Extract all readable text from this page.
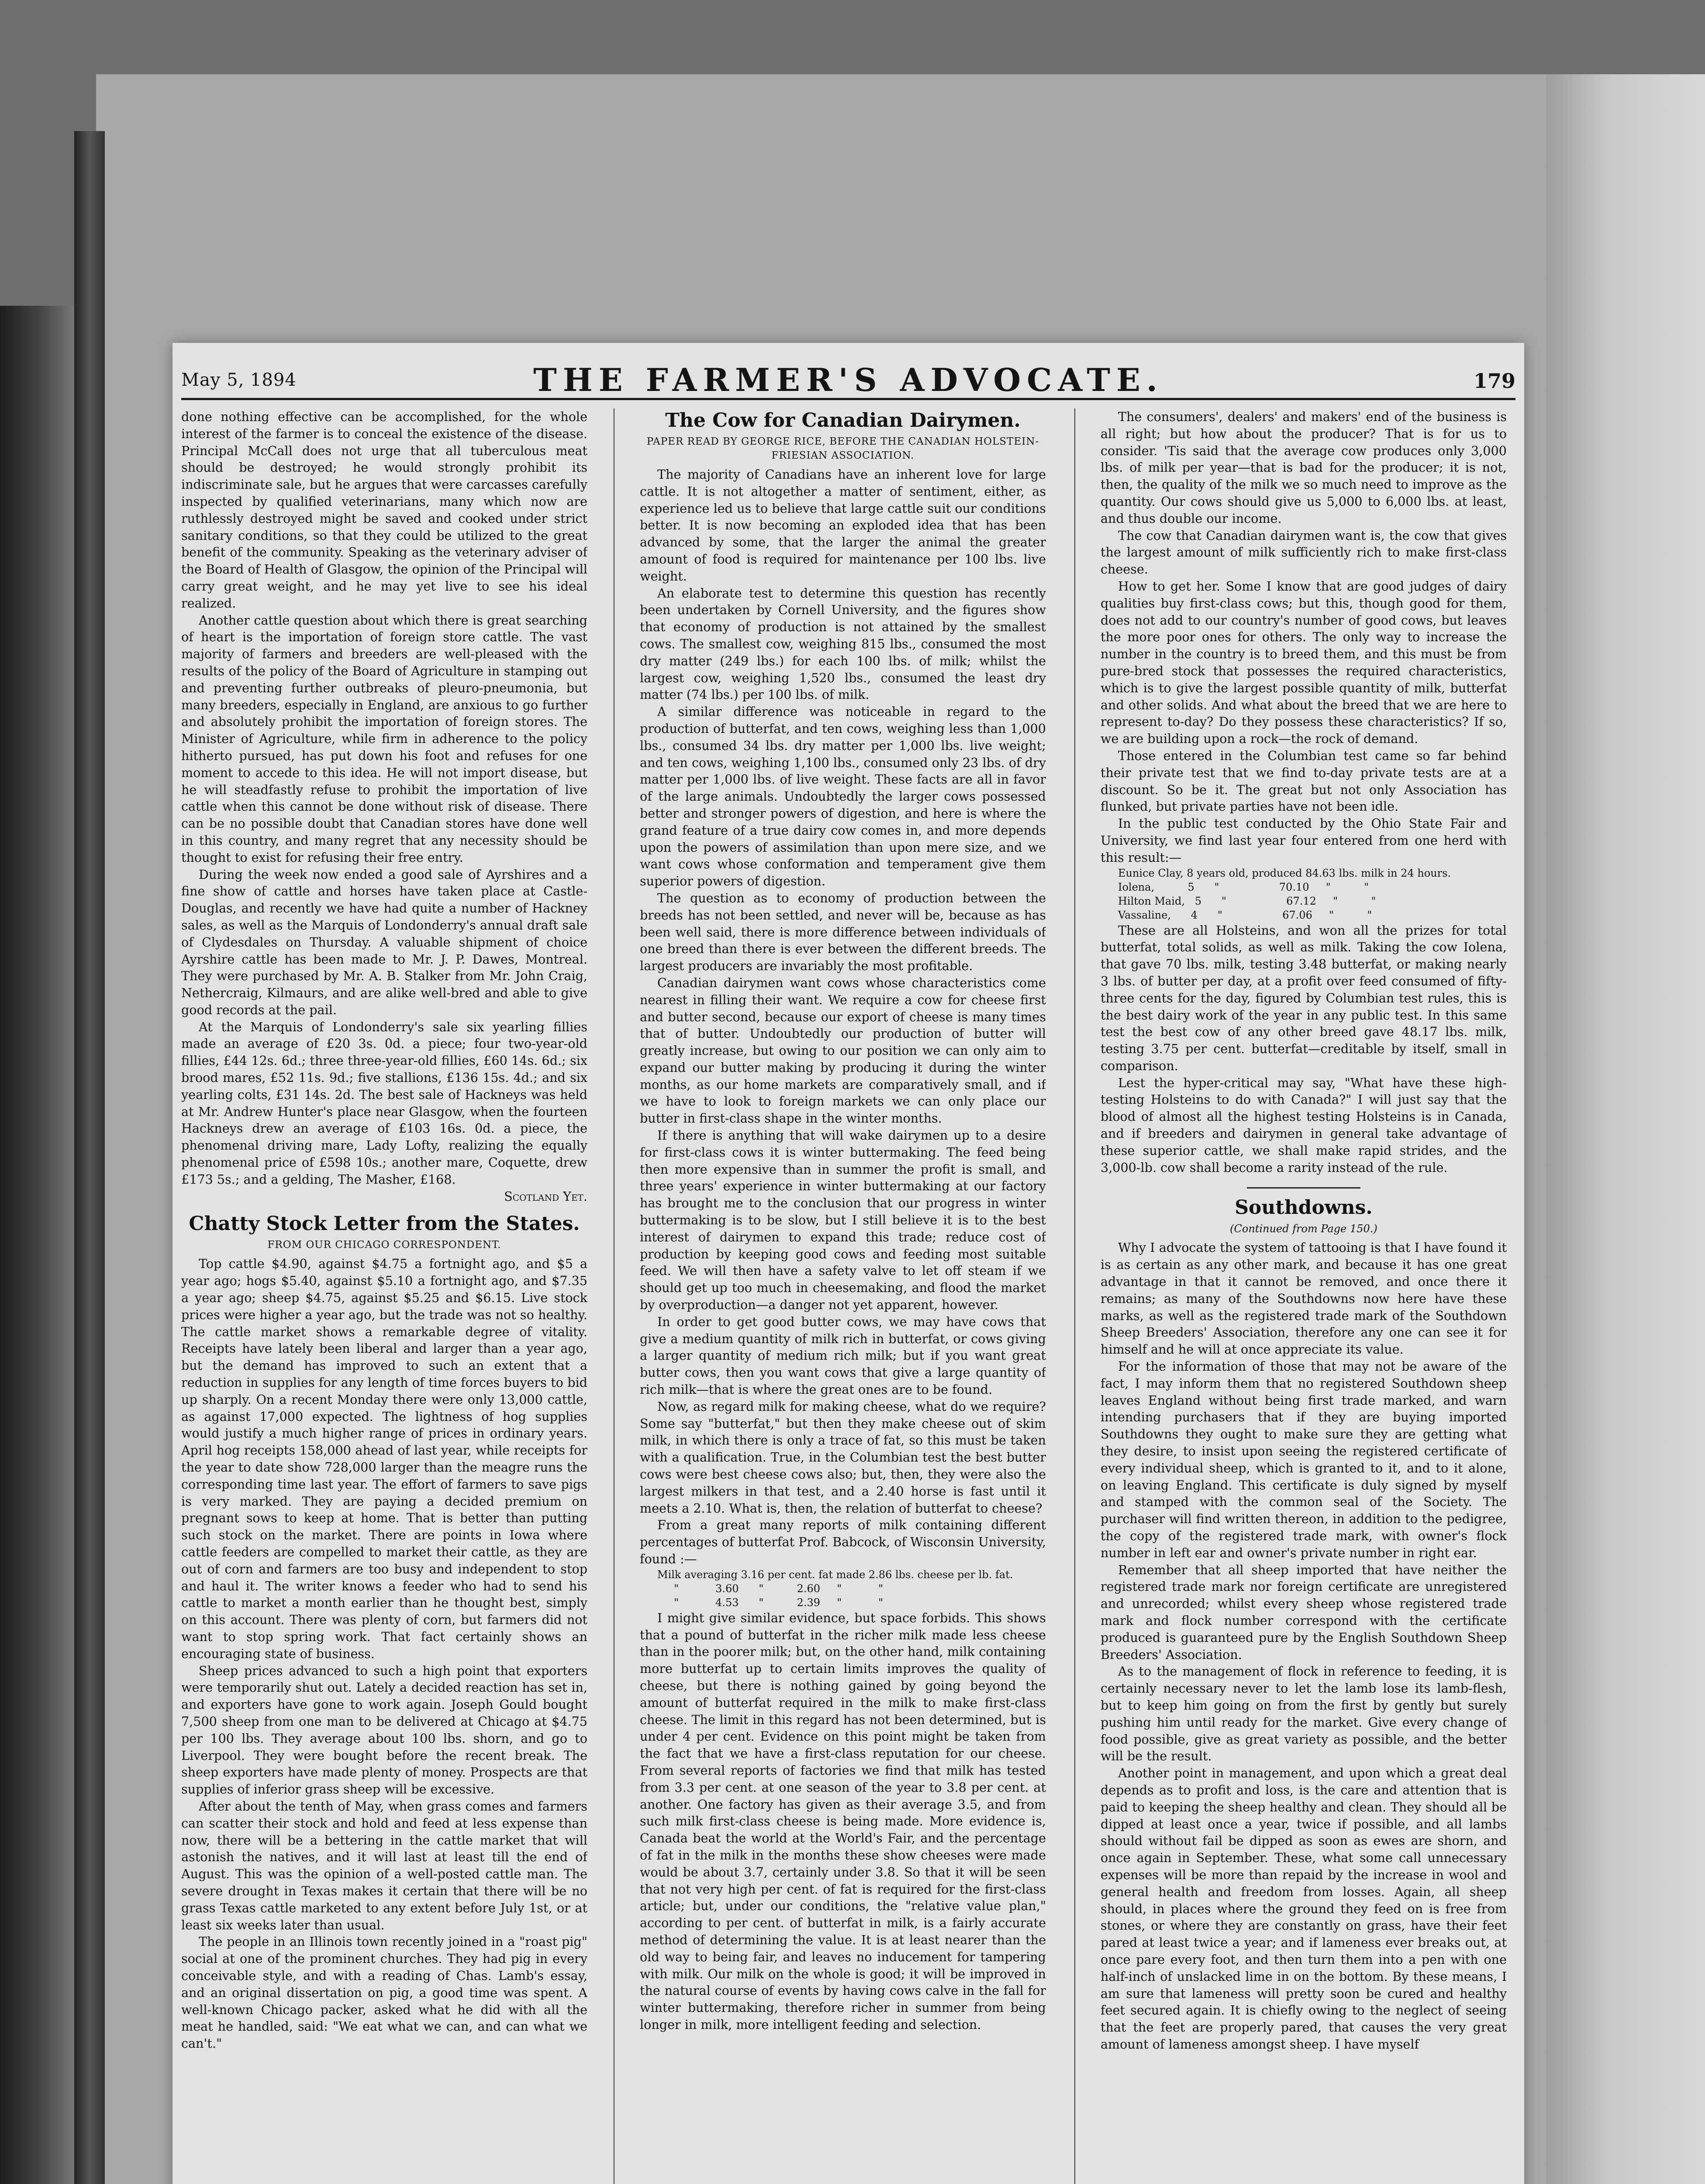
May 5, 1894	THE FARMER'S ADVOCATE.	179

done nothing effective can be accomplished, for the whole interest of the farmer is to conceal the existence of the disease. Principal McCall does not urge that all tuberculous meat should be destroyed; he would strongly prohibit its indiscriminate sale, but he argues that were carcasses carefully inspected by qualified veterinarians, many which now are ruthlessly destroyed might be saved and cooked under strict sanitary conditions, so that they could be utilized to the great benefit of the community. Speaking as the veterinary adviser of the Board of Health of Glasgow, the opinion of the Principal will carry great weight, and he may yet live to see his ideal realized.

Another cattle question about which there is great searching of heart is the importation of foreign store cattle. The vast majority of farmers and breeders are well-pleased with the results of the policy of the Board of Agriculture in stamping out and preventing further outbreaks of pleuro-pneumonia, but many breeders, especially in England, are anxious to go further and absolutely prohibit the importation of foreign stores. The Minister of Agriculture, while firm in adherence to the policy hitherto pursued, has put down his foot and refuses for one moment to accede to this idea. He will not import disease, but he will steadfastly refuse to prohibit the importation of live cattle when this cannot be done without risk of disease. There can be no possible doubt that Canadian stores have done well in this country, and many regret that any necessity should be thought to exist for refusing their free entry.

During the week now ended a good sale of Ayrshires and a fine show of cattle and horses have taken place at Castle-Douglas, and recently we have had quite a number of Hackney sales, as well as the Marquis of Londonderry's annual draft sale of Clydesdales on Thursday. A valuable shipment of choice Ayrshire cattle has been made to Mr. J. P. Dawes, Montreal. They were purchased by Mr. A. B. Stalker from Mr. John Craig, Nethercraig, Kilmaurs, and are alike well-bred and able to give good records at the pail.

At the Marquis of Londonderry's sale six yearling fillies made an average of £20 3s. 0d. a piece; four two-year-old fillies, £44 12s. 6d.; three three-year-old fillies, £60 14s. 6d.; six brood mares, £52 11s. 9d.; five stallions, £136 15s. 4d.; and six yearling colts, £31 14s. 2d. The best sale of Hackneys was held at Mr. Andrew Hunter's place near Glasgow, when the fourteen Hackneys drew an average of £103 16s. 0d. a piece, the phenomenal driving mare, Lady Lofty, realizing the equally phenomenal price of £598 10s.; another mare, Coquette, drew £173 5s.; and a gelding, The Masher, £168.

Scotland Yet.

Chatty Stock Letter from the States.
FROM OUR CHICAGO CORRESPONDENT.

Top cattle $4.90, against $4.75 a fortnight ago, and $5 a year ago; hogs $5.40, against $5.10 a fortnight ago, and $7.35 a year ago; sheep $4.75, against $5.25 and $6.15. Live stock prices were higher a year ago, but the trade was not so healthy. The cattle market shows a remarkable degree of vitality. Receipts have lately been liberal and larger than a year ago, but the demand has improved to such an extent that a reduction in supplies for any length of time forces buyers to bid up sharply. On a recent Monday there were only 13,000 cattle, as against 17,000 expected. The lightness of hog supplies would justify a much higher range of prices in ordinary years. April hog receipts 158,000 ahead of last year, while receipts for the year to date show 728,000 larger than the meagre runs the corresponding time last year. The effort of farmers to save pigs is very marked. They are paying a decided premium on pregnant sows to keep at home. That is better than putting such stock on the market. There are points in Iowa where cattle feeders are compelled to market their cattle, as they are out of corn and farmers are too busy and independent to stop and haul it. The writer knows a feeder who had to send his cattle to market a month earlier than he thought best, simply on this account. There was plenty of corn, but farmers did not want to stop spring work. That fact certainly shows an encouraging state of business.

Sheep prices advanced to such a high point that exporters were temporarily shut out. Lately a decided reaction has set in, and exporters have gone to work again. Joseph Gould bought 7,500 sheep from one man to be delivered at Chicago at $4.75 per 100 lbs. They average about 100 lbs. shorn, and go to Liverpool. They were bought before the recent break. The sheep exporters have made plenty of money. Prospects are that supplies of inferior grass sheep will be excessive.

After about the tenth of May, when grass comes and farmers can scatter their stock and hold and feed at less expense than now, there will be a bettering in the cattle market that will astonish the natives, and it will last at least till the end of August. This was the opinion of a well-posted cattle man. The severe drought in Texas makes it certain that there will be no grass Texas cattle marketed to any extent before July 1st, or at least six weeks later than usual.

The people in an Illinois town recently joined in a "roast pig" social at one of the prominent churches. They had pig in every conceivable style, and with a reading of Chas. Lamb's essay, and an original dissertation on pig, a good time was spent. A well-known Chicago packer, asked what he did with all the meat he handled, said: "We eat what we can, and can what we can't."

The Cow for Canadian Dairymen.
PAPER READ BY GEORGE RICE, BEFORE THE CANADIAN HOLSTEIN-FRIESIAN ASSOCIATION.

The majority of Canadians have an inherent love for large cattle. It is not altogether a matter of sentiment, either, as experience led us to believe that large cattle suit our conditions better. It is now becoming an exploded idea that has been advanced by some, that the larger the animal the greater amount of food is required for maintenance per 100 lbs. live weight.

An elaborate test to determine this question has recently been undertaken by Cornell University, and the figures show that economy of production is not attained by the smallest cows. The smallest cow, weighing 815 lbs., consumed the most dry matter (249 lbs.) for each 100 lbs. of milk; whilst the largest cow, weighing 1,520 lbs., consumed the least dry matter (74 lbs.) per 100 lbs. of milk.

A similar difference was noticeable in regard to the production of butterfat, and ten cows, weighing less than 1,000 lbs., consumed 34 lbs. dry matter per 1,000 lbs. live weight; and ten cows, weighing 1,100 lbs., consumed only 23 lbs. of dry matter per 1,000 lbs. of live weight. These facts are all in favor of the large animals. Undoubtedly the larger cows possessed better and stronger powers of digestion, and here is where the grand feature of a true dairy cow comes in, and more depends upon the powers of assimilation than upon mere size, and we want cows whose conformation and temperament give them superior powers of digestion.

The question as to economy of production between the breeds has not been settled, and never will be, because as has been well said, there is more difference between individuals of one breed than there is ever between the different breeds. The largest producers are invariably the most profitable.

Canadian dairymen want cows whose characteristics come nearest in filling their want. We require a cow for cheese first and butter second, because our export of cheese is many times that of butter. Undoubtedly our production of butter will greatly increase, but owing to our position we can only aim to expand our butter making by producing it during the winter months, as our home markets are comparatively small, and if we have to look to foreign markets we can only place our butter in first-class shape in the winter months.

If there is anything that will wake dairymen up to a desire for first-class cows it is winter buttermaking. The feed being then more expensive than in summer the profit is small, and three years' experience in winter buttermaking at our factory has brought me to the conclusion that our progress in winter buttermaking is to be slow, but I still believe it is to the best interest of dairymen to expand this trade; reduce cost of production by keeping good cows and feeding most suitable feed. We will then have a safety valve to let off steam if we should get up too much in cheesemaking, and flood the market by overproduction—a danger not yet apparent, however.

In order to get good butter cows, we may have cows that give a medium quantity of milk rich in butterfat, or cows giving a larger quantity of medium rich milk; but if you want great butter cows, then you want cows that give a large quantity of rich milk—that is where the great ones are to be found.

Now, as regard milk for making cheese, what do we require? Some say "butterfat," but then they make cheese out of skim milk, in which there is only a trace of fat, so this must be taken with a qualification. True, in the Columbian test the best butter cows were best cheese cows also; but, then, they were also the largest milkers in that test, and a 2.40 horse is fast until it meets a 2.10. What is, then, the relation of butterfat to cheese?

From a great many reports of milk containing different percentages of butterfat Prof. Babcock, of Wisconsin University, found :—

Milk averaging 3.16 per cent. fat made 2.86 lbs. cheese per lb. fat.

"           3.60      "          2.60     "           "

"           4.53      "          2.39     "           "

I might give similar evidence, but space forbids. This shows that a pound of butterfat in the richer milk made less cheese than in the poorer milk; but, on the other hand, milk containing more butterfat up to certain limits improves the quality of cheese, but there is nothing gained by going beyond the amount of butterfat required in the milk to make first-class cheese. The limit in this regard has not been determined, but is under 4 per cent. Evidence on this point might be taken from the fact that we have a first-class reputation for our cheese. From several reports of factories we find that milk has tested from 3.3 per cent. at one season of the year to 3.8 per cent. at another. One factory has given as their average 3.5, and from such milk first-class cheese is being made. More evidence is, Canada beat the world at the World's Fair, and the percentage of fat in the milk in the months these show cheeses were made would be about 3.7, certainly under 3.8. So that it will be seen that not very high per cent. of fat is required for the first-class article; but, under our conditions, the "relative value plan," according to per cent. of butterfat in milk, is a fairly accurate method of determining the value. It is at least nearer than the old way to being fair, and leaves no inducement for tampering with milk. Our milk on the whole is good; it will be improved in the natural course of events by having cows calve in the fall for winter buttermaking, therefore richer in summer from being longer in milk, more intelligent feeding and selection.

The consumers', dealers' and makers' end of the business is all right; but how about the producer? That is for us to consider. 'Tis said that the average cow produces only 3,000 lbs. of milk per year—that is bad for the producer; it is not, then, the quality of the milk we so much need to improve as the quantity. Our cows should give us 5,000 to 6,000 lbs. at least, and thus double our income.

The cow that Canadian dairymen want is, the cow that gives the largest amount of milk sufficiently rich to make first-class cheese.

How to get her. Some I know that are good judges of dairy qualities buy first-class cows; but this, though good for them, does not add to our country's number of good cows, but leaves the more poor ones for others. The only way to increase the number in the country is to breed them, and this must be from pure-bred stock that possesses the required characteristics, which is to give the largest possible quantity of milk, butterfat and other solids. And what about the breed that we are here to represent to-day? Do they possess these characteristics? If so, we are building upon a rock—the rock of demand.

Those entered in the Columbian test came so far behind their private test that we find to-day private tests are at a discount. So be it. The great but not only Association has flunked, but private parties have not been idle.

In the public test conducted by the Ohio State Fair and University, we find last year four entered from one herd with this result:—

Eunice Clay, 8 years old, produced 84.63 lbs. milk in 24 hours.

Iolena,          5      "                  70.10     "          "

Hilton Maid,   5      "                  67.12     "          "

Vassaline,      4      "                  67.06     "          "

These are all Holsteins, and won all the prizes for total butterfat, total solids, as well as milk. Taking the cow Iolena, that gave 70 lbs. milk, testing 3.48 butterfat, or making nearly 3 lbs. of butter per day, at a profit over feed consumed of fifty-three cents for the day, figured by Columbian test rules, this is the best dairy work of the year in any public test. In this same test the best cow of any other breed gave 48.17 lbs. milk, testing 3.75 per cent. butterfat—creditable by itself, small in comparison.

Lest the hyper-critical may say, "What have these high-testing Holsteins to do with Canada?" I will just say that the blood of almost all the highest testing Holsteins is in Canada, and if breeders and dairymen in general take advantage of these superior cattle, we shall make rapid strides, and the 3,000-lb. cow shall become a rarity instead of the rule.

Southdowns.
(Continued from Page 150.)

Why I advocate the system of tattooing is that I have found it is as certain as any other mark, and because it has one great advantage in that it cannot be removed, and once there it remains; as many of the Southdowns now here have these marks, as well as the registered trade mark of the Southdown Sheep Breeders' Association, therefore any one can see it for himself and he will at once appreciate its value.

For the information of those that may not be aware of the fact, I may inform them that no registered Southdown sheep leaves England without being first trade marked, and warn intending purchasers that if they are buying imported Southdowns they ought to make sure they are getting what they desire, to insist upon seeing the registered certificate of every individual sheep, which is granted to it, and to it alone, on leaving England. This certificate is duly signed by myself and stamped with the common seal of the Society. The purchaser will find written thereon, in addition to the pedigree, the copy of the registered trade mark, with owner's flock number in left ear and owner's private number in right ear.

Remember that all sheep imported that have neither the registered trade mark nor foreign certificate are unregistered and unrecorded; whilst every sheep whose registered trade mark and flock number correspond with the certificate produced is guaranteed pure by the English Southdown Sheep Breeders' Association.

As to the management of flock in reference to feeding, it is certainly necessary never to let the lamb lose its lamb-flesh, but to keep him going on from the first by gently but surely pushing him until ready for the market. Give every change of food possible, give as great variety as possible, and the better will be the result.

Another point in management, and upon which a great deal depends as to profit and loss, is the care and attention that is paid to keeping the sheep healthy and clean. They should all be dipped at least once a year, twice if possible, and all lambs should without fail be dipped as soon as ewes are shorn, and once again in September. These, what some call unnecessary expenses will be more than repaid by the increase in wool and general health and freedom from losses. Again, all sheep should, in places where the ground they feed on is free from stones, or where they are constantly on grass, have their feet pared at least twice a year; and if lameness ever breaks out, at once pare every foot, and then turn them into a pen with one half-inch of unslacked lime in on the bottom. By these means, I am sure that lameness will pretty soon be cured and healthy feet secured again. It is chiefly owing to the neglect of seeing that the feet are properly pared, that causes the very great amount of lameness amongst sheep. I have myself
